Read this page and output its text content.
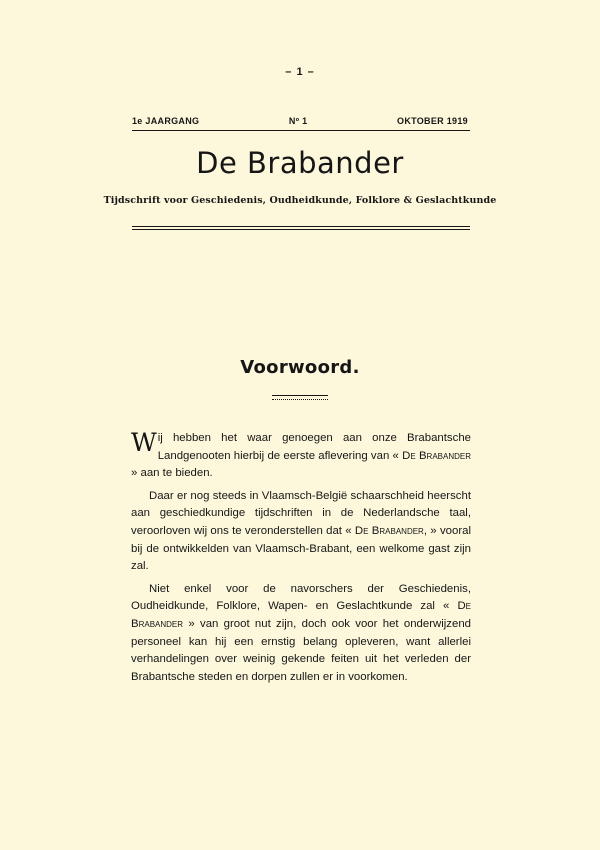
– 1 –
1e JAARGANG	Nº 1	OKTOBER 1919
De Brabander
Tijdschrift voor Geschiedenis, Oudheidkunde, Folklore & Geslachtkunde
Voorwoord.

Wij hebben het waar genoegen aan onze Brabantsche Landgenooten hierbij de eerste aflevering van « De Brabander » aan te bieden.

Daar er nog steeds in Vlaamsch-België schaarschheid heerscht aan geschiedkundige tijdschriften in de Nederlandsche taal, veroorloven wij ons te veronderstellen dat « De Brabander, » vooral bij de ontwikkelden van Vlaamsch-Brabant, een welkome gast zijn zal.

Niet enkel voor de navorschers der Geschiedenis, Oudheidkunde, Folklore, Wapen- en Geslachtkunde zal « De Brabander » van groot nut zijn, doch ook voor het onderwijzend personeel kan hij een ernstig belang opleveren, want allerlei verhandelingen over weinig gekende feiten uit het verleden der Brabantsche steden en dorpen zullen er in voorkomen.
